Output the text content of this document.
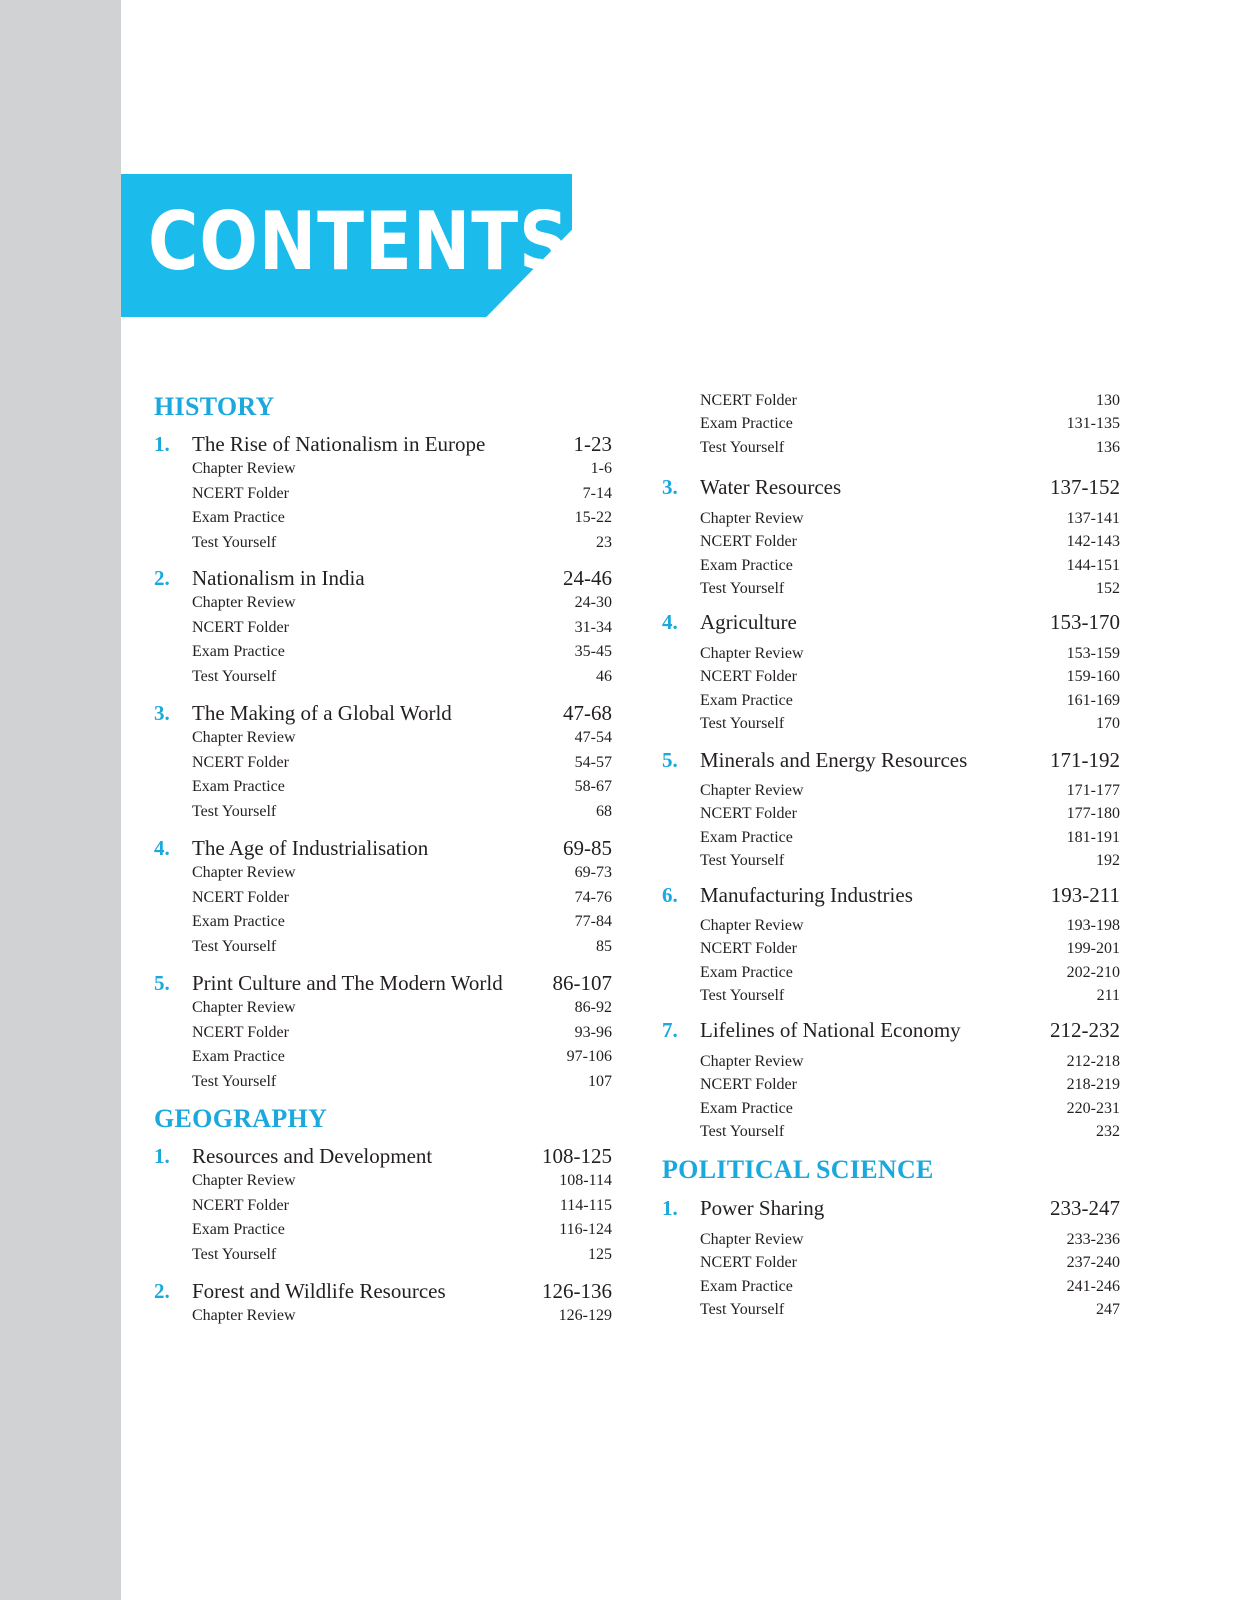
CONTENTS
HISTORY
1. The Rise of Nationalism in Europe	1-23
Chapter Review	1-6
NCERT Folder	7-14
Exam Practice	15-22
Test Yourself	23
2. Nationalism in India	24-46
Chapter Review	24-30
NCERT Folder	31-34
Exam Practice	35-45
Test Yourself	46
3. The Making of a Global World	47-68
Chapter Review	47-54
NCERT Folder	54-57
Exam Practice	58-67
Test Yourself	68
4. The Age of Industrialisation	69-85
Chapter Review	69-73
NCERT Folder	74-76
Exam Practice	77-84
Test Yourself	85
5. Print Culture and The Modern World 86-107
Chapter Review	86-92
NCERT Folder	93-96
Exam Practice	97-106
Test Yourself	107
GEOGRAPHY
1. Resources and Development	108-125
Chapter Review	108-114
NCERT Folder	114-115
Exam Practice	116-124
Test Yourself	125
2. Forest and Wildlife Resources	126-136
Chapter Review	126-129
NCERT Folder	130
Exam Practice	131-135
Test Yourself	136
3. Water Resources	137-152
Chapter Review	137-141
NCERT Folder	142-143
Exam Practice	144-151
Test Yourself	152
4. Agriculture	153-170
Chapter Review	153-159
NCERT Folder	159-160
Exam Practice	161-169
Test Yourself	170
5. Minerals and Energy Resources	171-192
Chapter Review	171-177
NCERT Folder	177-180
Exam Practice	181-191
Test Yourself	192
6. Manufacturing Industries	193-211
Chapter Review	193-198
NCERT Folder	199-201
Exam Practice	202-210
Test Yourself	211
7. Lifelines of National Economy	212-232
Chapter Review	212-218
NCERT Folder	218-219
Exam Practice	220-231
Test Yourself	232
POLITICAL SCIENCE
1. Power Sharing	233-247
Chapter Review	233-236
NCERT Folder	237-240
Exam Practice	241-246
Test Yourself	247
